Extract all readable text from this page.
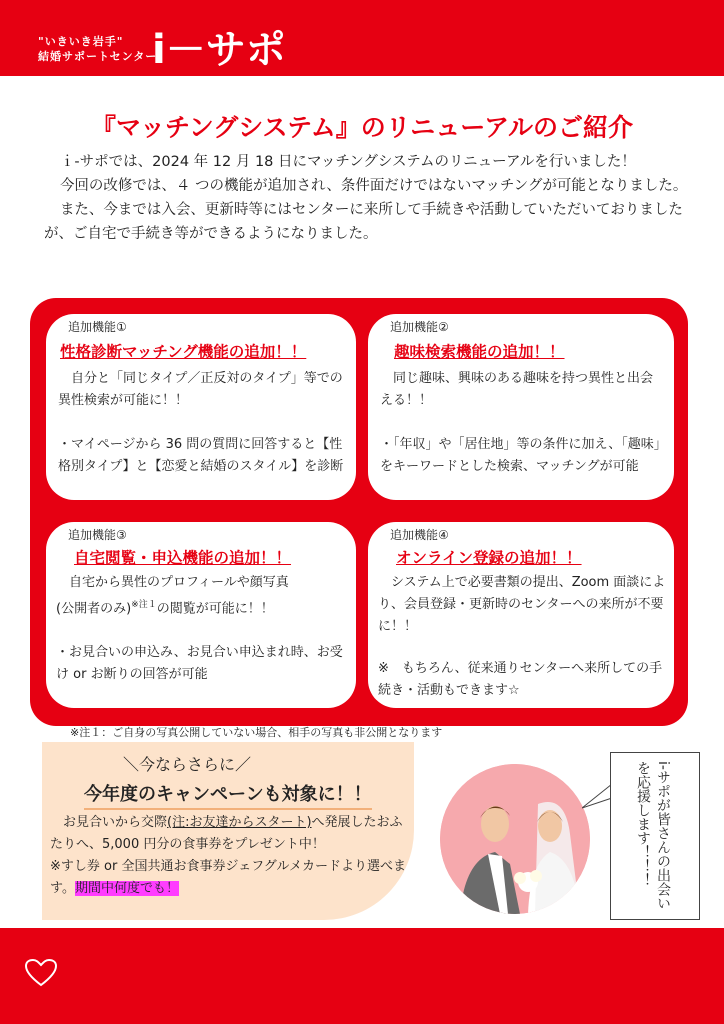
"いきいき岩手"
結婚サポートセンター
i－サポ
『マッチングシステム』のリニューアルのご紹介

ｉ-サポでは、2024 年 12 月 18 日にマッチングシステムのリニューアルを行いました！

今回の改修では、４ つの機能が追加され、条件面だけではないマッチングが可能となりました。

また、今までは入会、更新時等にはセンターに来所して手続きや活動していただいておりましたが、ご自宅で手続き等ができるようになりました。

追加機能①
性格診断マッチング機能の追加！！

自分と「同じタイプ／正反対のタイプ」等での異性検索が可能に！！

・マイページから 36 問の質問に回答すると【性格別タイプ】と【恋愛と結婚のスタイル】を診断

追加機能②
趣味検索機能の追加！！

同じ趣味、興味のある趣味を持つ異性と出会える！！

・「年収」や「居住地」等の条件に加え、「趣味」をキーワードとした検索、マッチングが可能

追加機能③
自宅閲覧・申込機能の追加！！

自宅から異性のプロフィールや顔写真

(公開者のみ)$^{※注1}$の閲覧が可能に！！

・お見合いの申込み、お見合い申込まれ時、お受け or お断りの回答が可能

追加機能④
オンライン登録の追加！！

システム上で必要書類の提出、Zoom 面談により、会員登録・更新時のセンターへの来所が不要に！！

※　もちろん、従来通りセンターへ来所しての手続き・活動もできます☆

※注１：ご自身の写真公開していない場合、相手の写真も非公開となります
＼今ならさらに／
今年度のキャンペーンも対象に！！

お見合いから交際(注:お友達からスタート)へ発展したおふたりへ、5,000 円分の食事券をプレゼント中！

※すし券 or 全国共通お食事券ジェフグルメカードより選べます。期間中何度でも！	i-サポが皆さんの出会いを応援します！！！
